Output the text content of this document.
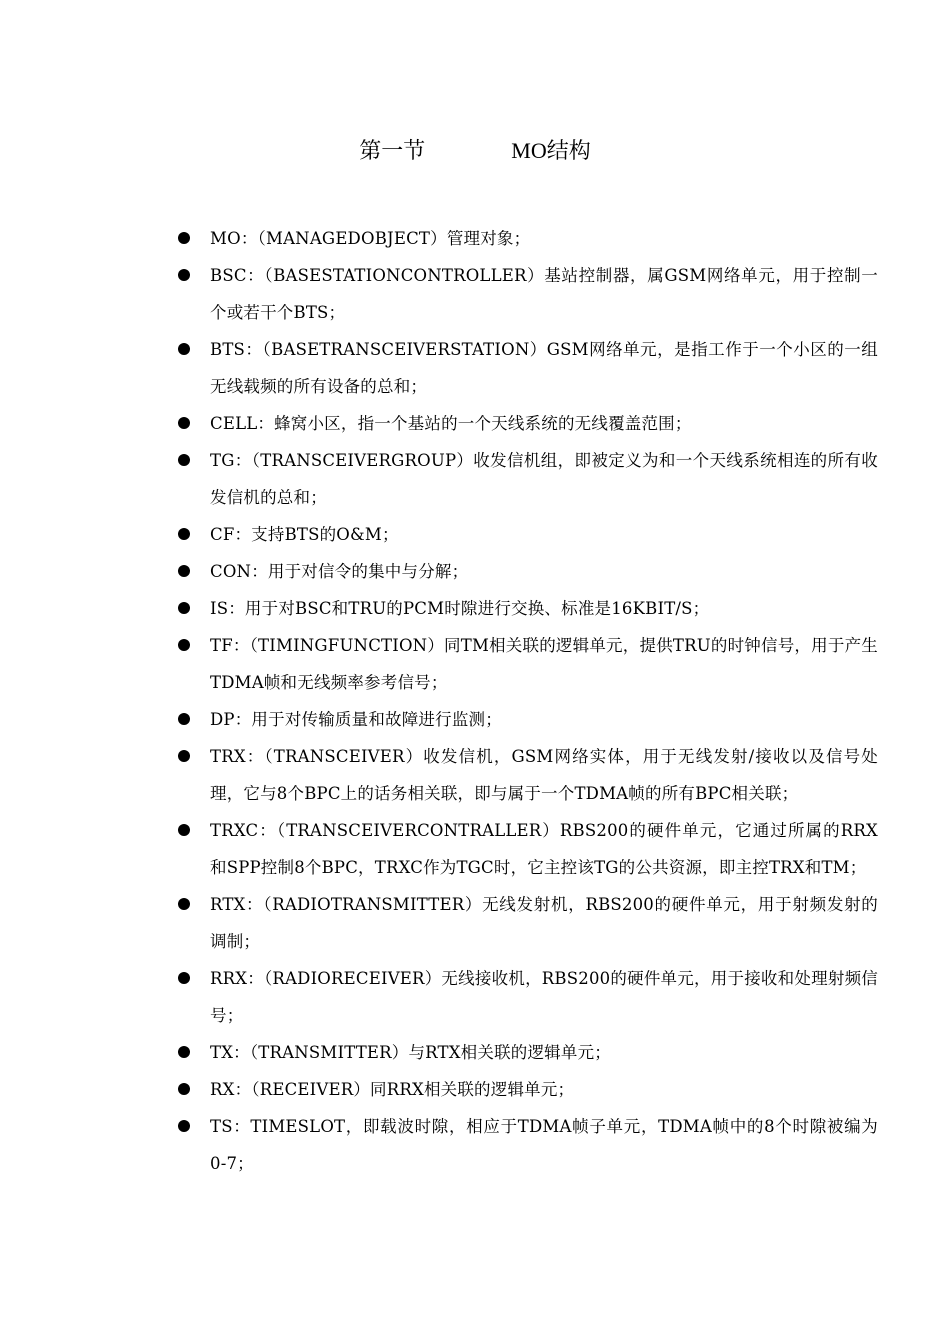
第一节	MO结构
MO：（MANAGEDOBJECT）管理对象；
BSC：（BASESTATIONCONTROLLER）基站控制器，属GSM网络单元，用于控制一个或若干个BTS；
BTS：（BASETRANSCEIVERSTATION）GSM网络单元，是指工作于一个小区的一组无线载频的所有设备的总和；
CELL：蜂窝小区，指一个基站的一个天线系统的无线覆盖范围；
TG：（TRANSCEIVERGROUP）收发信机组，即被定义为和一个天线系统相连的所有收发信机的总和；
CF：支持BTS的O&M；
CON：用于对信令的集中与分解；
IS：用于对BSC和TRU的PCM时隙进行交换、标准是16KBIT/S；
TF：（TIMINGFUNCTION）同TM相关联的逻辑单元，提供TRU的时钟信号，用于产生TDMA帧和无线频率参考信号；
DP：用于对传输质量和故障进行监测；
TRX：（TRANSCEIVER）收发信机，GSM网络实体，用于无线发射/接收以及信号处理，它与8个BPC上的话务相关联，即与属于一个TDMA帧的所有BPC相关联；
TRXC：（TRANSCEIVERCONTRALLER）RBS200的硬件单元，它通过所属的RRX和SPP控制8个BPC，TRXC作为TGC时，它主控该TG的公共资源，即主控TRX和TM；
RTX：（RADIOTRANSMITTER）无线发射机，RBS200的硬件单元，用于射频发射的调制；
RRX：（RADIORECEIVER）无线接收机，RBS200的硬件单元，用于接收和处理射频信号；
TX：（TRANSMITTER）与RTX相关联的逻辑单元；
RX：（RECEIVER）同RRX相关联的逻辑单元；
TS：TIMESLOT，即载波时隙，相应于TDMA帧子单元，TDMA帧中的8个时隙被编为0-7；
